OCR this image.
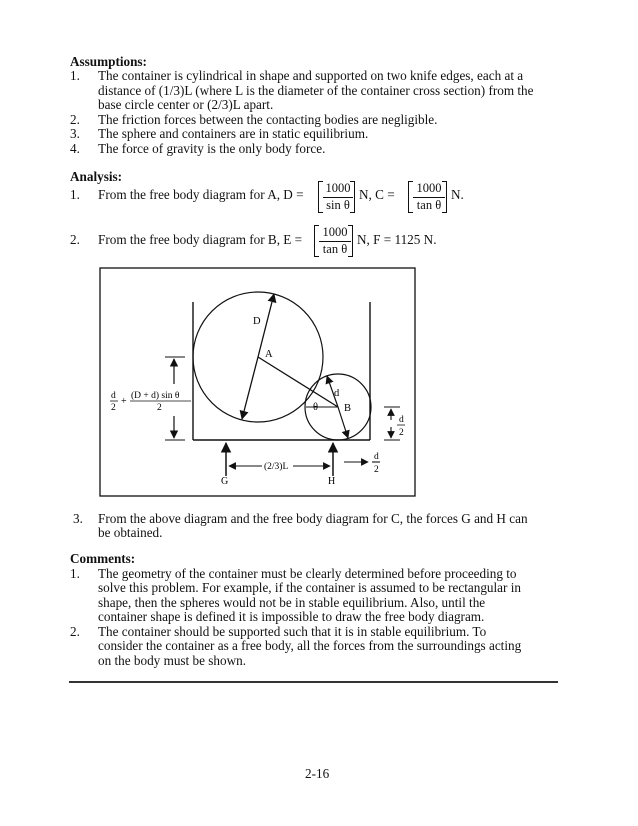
Assumptions:
1. The container is cylindrical in shape and supported on two knife edges, each at a
distance of (1/3)L (where L is the diameter of the container cross section) from the
base circle center or (2/3)L apart.
2. The friction forces between the contacting bodies are negligible.
3. The sphere and containers are in static equilibrium.
4. The force of gravity is the only body force.
Analysis:
1. From the free body diagram for A, D = 1000
sin θ
N, C =	1000
tan θ
N.
2. From the free body diagram for B, E =	1000
tan θ
N, F = 1125 N.
D
A
d
θ B
d
2
+ (D + d) sin θ
2
d
2
d
2
(2/3)L
G	H
3. From the above diagram and the free body diagram for C, the forces G and H can
be obtained.
Comments:
1. The geometry of the container must be clearly determined before proceeding to
solve this problem. For example, if the container is assumed to be rectangular in
shape, then the spheres would not be in stable equilibrium. Also, until the
container shape is defined it is impossible to draw the free body diagram.
2. The container should be supported such that it is in stable equilibrium. To
consider the container as a free body, all the forces from the surroundings acting
on the body must be shown.
2-16
